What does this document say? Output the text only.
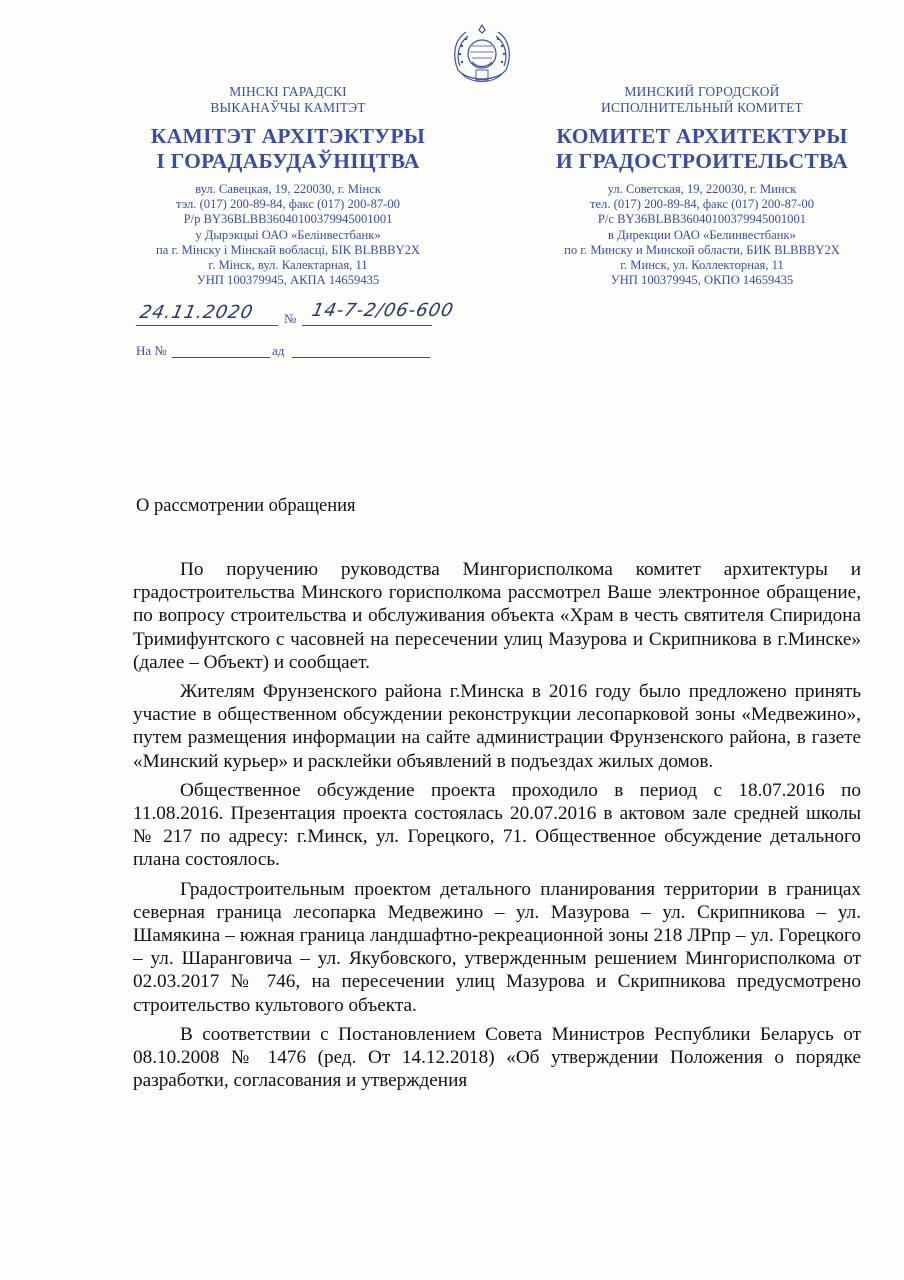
МІНСКІ ГАРАДСКІ
ВЫКАНАЎЧЫ КАМІТЭТ
КАМІТЭТ АРХІТЭКТУРЫ
І ГОРАДАБУДАЎНІЦТВА
вул. Савецкая, 19, 220030, г. Мінск
тэл. (017) 200-89-84, факс (017) 200-87-00
Р/р BY36BLBB36040100379945001001
у Дырэкцыі ОАО «Белінвестбанк»
па г. Мінску і Мінскай вобласці, БІК BLBBBY2X
г. Мінск, вул. Калектарная, 11
УНП 100379945, АКПА 14659435
МИНСКИЙ ГОРОДСКОЙ
ИСПОЛНИТЕЛЬНЫЙ КОМИТЕТ
КОМИТЕТ АРХИТЕКТУРЫ
И ГРАДОСТРОИТЕЛЬСТВА
ул. Советская, 19, 220030, г. Минск
тел. (017) 200-89-84, факс (017) 200-87-00
Р/с BY36BLBB36040100379945001001
в Дирекции ОАО «Белинвестбанк»
по г. Минску и Минской области, БИК BLBBBY2X
г. Минск, ул. Коллекторная, 11
УНП 100379945, ОКПО 14659435
24.11.2020 № 14-7-2/06-600
На №	ад
О рассмотрении обращения

По поручению руководства Мингорисполкома комитет архитектуры и градостроительства Минского горисполкома рассмотрел Ваше электронное обращение, по вопросу строительства и обслуживания объекта «Храм в честь святителя Спиридона Тримифунтского с часовней на пересечении улиц Мазурова и Скрипникова в г.Минске» (далее – Объект) и сообщает.

Жителям Фрунзенского района г.Минска в 2016 году было предложено принять участие в общественном обсуждении реконструкции лесопарковой зоны «Медвежино», путем размещения информации на сайте администрации Фрунзенского района, в газете «Минский курьер» и расклейки объявлений в подъездах жилых домов.

Общественное обсуждение проекта проходило в период с 18.07.2016 по 11.08.2016. Презентация проекта состоялась 20.07.2016 в актовом зале средней школы № 217 по адресу: г.Минск, ул. Горецкого, 71. Общественное обсуждение детального плана состоялось.

Градостроительным проектом детального планирования территории в границах северная граница лесопарка Медвежино – ул. Мазурова – ул. Скрипникова – ул. Шамякина – южная граница ландшафтно-рекреационной зоны 218 ЛРпр – ул. Горецкого – ул. Шаранговича – ул. Якубовского, утвержденным решением Мингорисполкома от 02.03.2017 № 746, на пересечении улиц Мазурова и Скрипникова предусмотрено строительство культового объекта.

В соответствии с Постановлением Совета Министров Республики Беларусь от 08.10.2008 № 1476 (ред. От 14.12.2018) «Об утверждении Положения о порядке разработки, согласования и утверждения
